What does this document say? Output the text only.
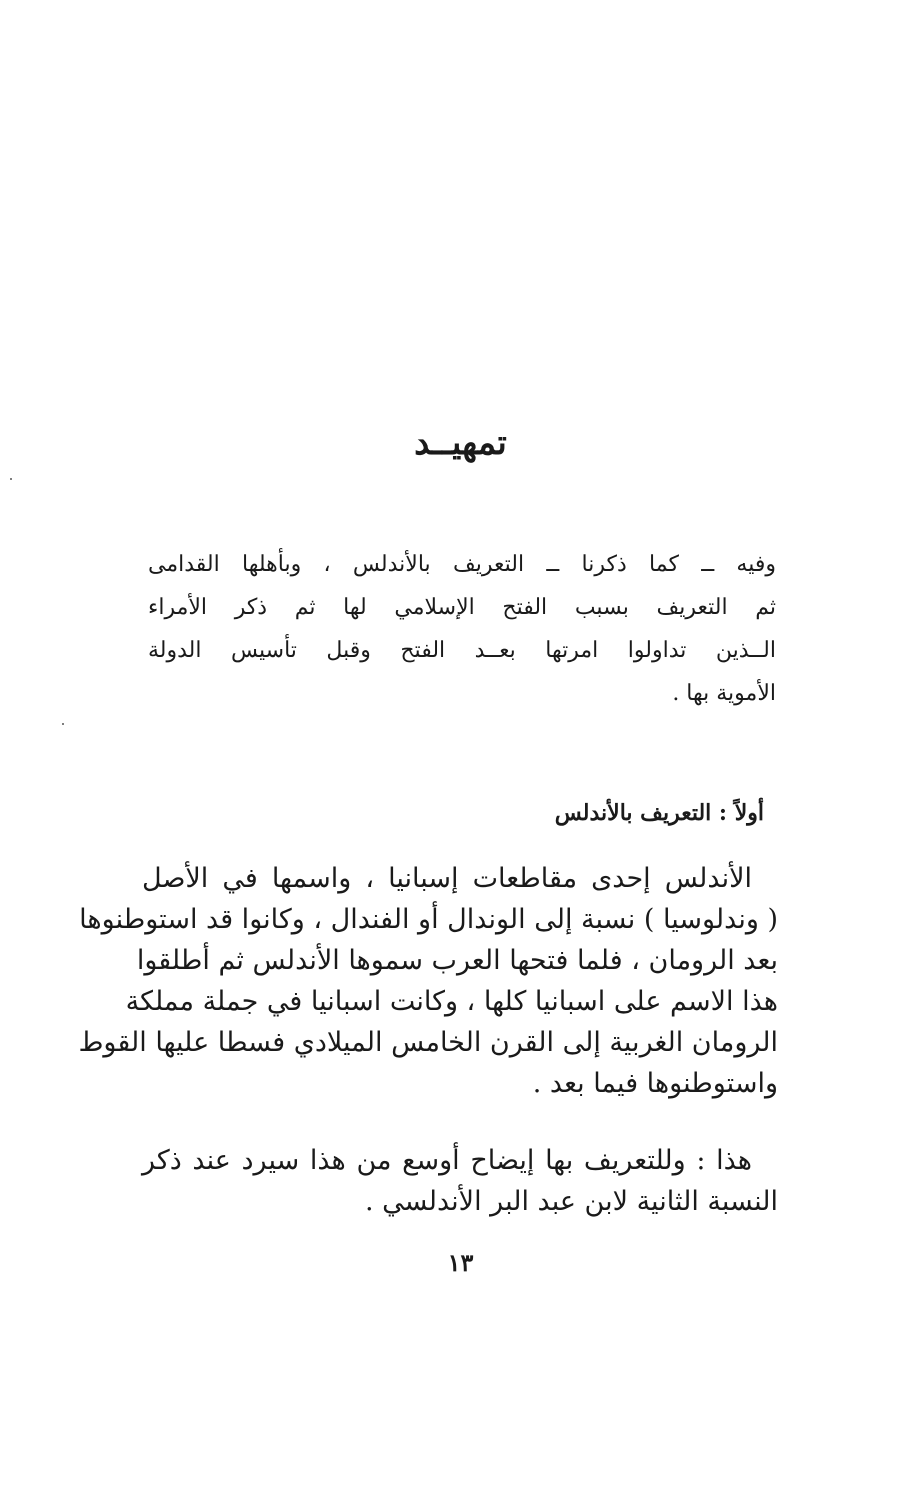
تمهيــد
وفيه ــ كما ذكرنا ــ التعريف بالأندلس ، وبأهلها القدامى
ثم التعريف بسبب الفتح الإسلامي لها ثم ذكر الأمراء
الــذين تداولوا امرتها بعــد الفتح وقبل تأسيس الدولة
الأموية بها .
أولاً : التعريف بالأندلس
الأندلس إحدى مقاطعات إسبانيا ، واسمها في الأصل
( وندلوسيا ) نسبة إلى الوندال أو الفندال ، وكانوا قد استوطنوها
بعد الرومان ، فلما فتحها العرب سموها الأندلس ثم أطلقوا
هذا الاسم على اسبانيا كلها ، وكانت اسبانيا في جملة مملكة
الرومان الغربية إلى القرن الخامس الميلادي فسطا عليها القوط
واستوطنوها فيما بعد .
هذا : وللتعريف بها إيضاح أوسع من هذا سيرد عند ذكر
النسبة الثانية لابن عبد البر الأندلسي .
١٣
